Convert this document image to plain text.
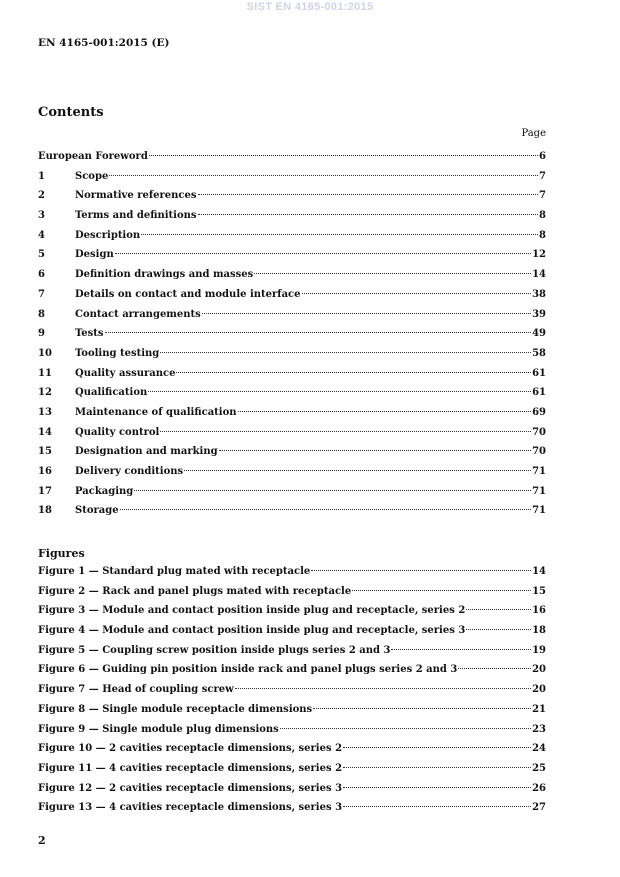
SIST EN 4165-001:2015
EN 4165-001:2015 (E)
Contents
Page
European Foreword	6
1	Scope	7
2	Normative references	7
3	Terms and definitions	8
4	Description	8
5	Design	12
6	Definition drawings and masses	14
7	Details on contact and module interface	38
8	Contact arrangements	39
9	Tests	49
10	Tooling testing	58
11	Quality assurance	61
12	Qualification	61
13	Maintenance of qualification	69
14	Quality control	70
15	Designation and marking	70
16	Delivery conditions	71
17	Packaging	71
18	Storage	71
Figures
Figure 1 — Standard plug mated with receptacle	14
Figure 2 — Rack and panel plugs mated with receptacle	15
Figure 3 — Module and contact position inside plug and receptacle, series 2	16
Figure 4 — Module and contact position inside plug and receptacle, series 3	18
Figure 5 — Coupling screw position inside plugs series 2 and 3	19
Figure 6 — Guiding pin position inside rack and panel plugs series 2 and 3	20
Figure 7 — Head of coupling screw	20
Figure 8 — Single module receptacle dimensions	21
Figure 9 — Single module plug dimensions	23
Figure 10 — 2 cavities receptacle dimensions, series 2	24
Figure 11 — 4 cavities receptacle dimensions, series 2	25
Figure 12 — 2 cavities receptacle dimensions, series 3	26
Figure 13 — 4 cavities receptacle dimensions, series 3	27
2
